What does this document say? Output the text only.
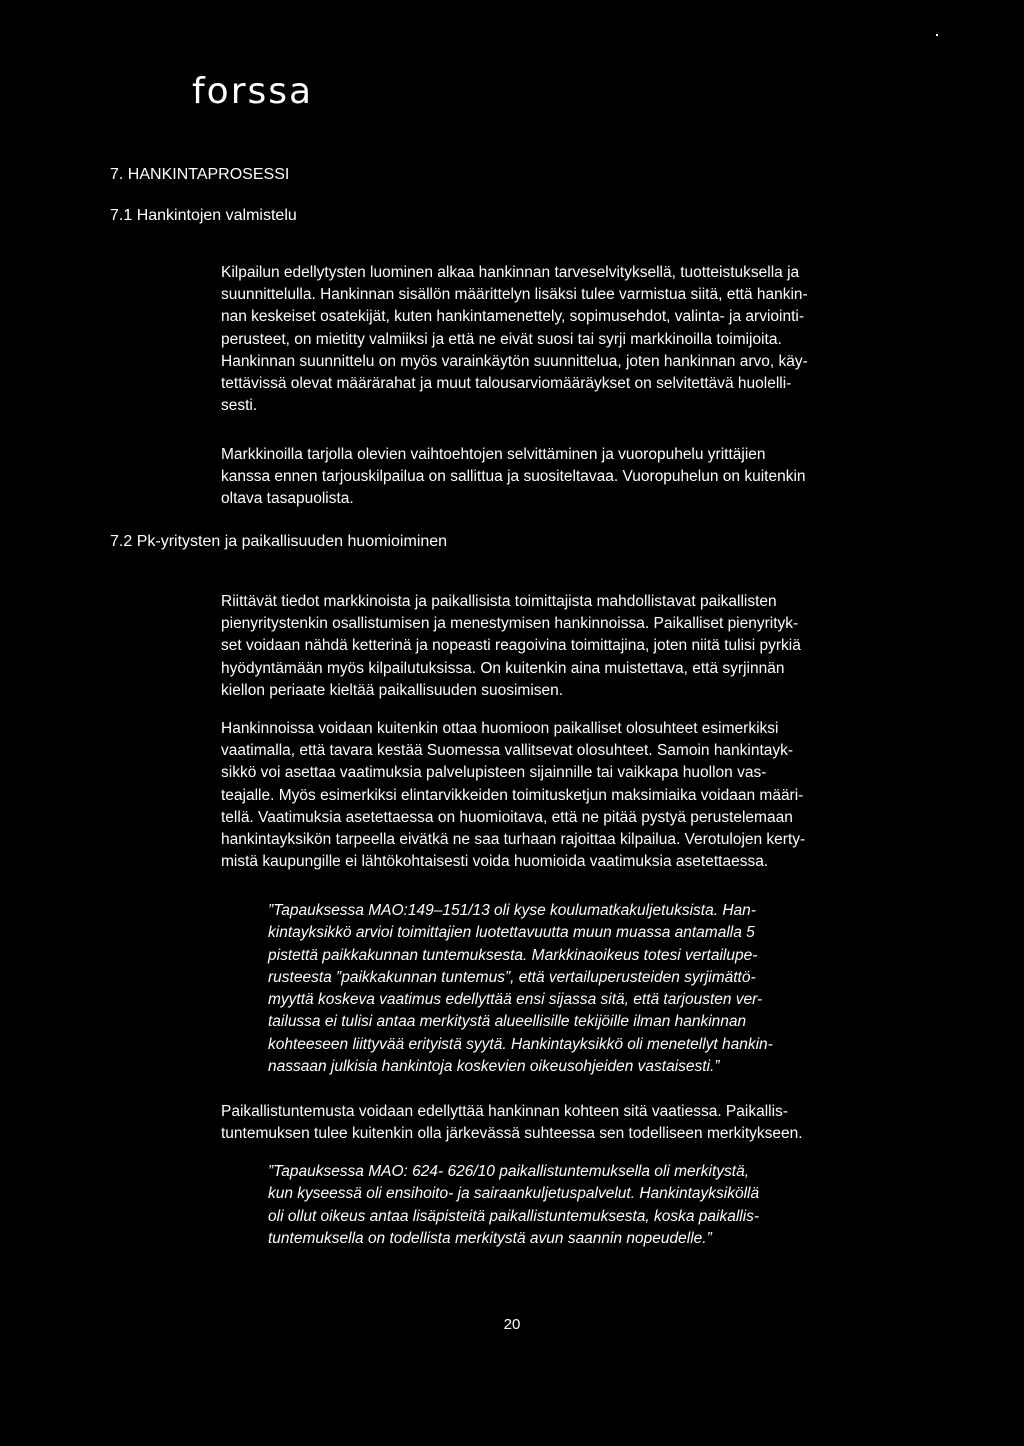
forssa
7. HANKINTAPROSESSI
7.1 Hankintojen valmistelu
Kilpailun edellytysten luominen alkaa hankinnan tarveselvityksellä, tuotteistuksella ja
suunnittelulla. Hankinnan sisällön määrittelyn lisäksi tulee varmistua siitä, että hankin-
nan keskeiset osatekijät, kuten hankintamenettely, sopimusehdot, valinta- ja arviointi-
perusteet, on mietitty valmiiksi ja että ne eivät suosi tai syrji markkinoilla toimijoita.
Hankinnan suunnittelu on myös varainkäytön suunnittelua, joten hankinnan arvo, käy-
tettävissä olevat määrärahat ja muut talousarviomääräykset on selvitettävä huolelli-
sesti.
Markkinoilla tarjolla olevien vaihtoehtojen selvittäminen ja vuoropuhelu yrittäjien
kanssa ennen tarjouskilpailua on sallittua ja suositeltavaa. Vuoropuhelun on kuitenkin
oltava tasapuolista.
7.2 Pk-yritysten ja paikallisuuden huomioiminen
Riittävät tiedot markkinoista ja paikallisista toimittajista mahdollistavat paikallisten
pienyritystenkin osallistumisen ja menestymisen hankinnoissa. Paikalliset pienyrityk-
set voidaan nähdä ketterinä ja nopeasti reagoivina toimittajina, joten niitä tulisi pyrkiä
hyödyntämään myös kilpailutuksissa. On kuitenkin aina muistettava, että syrjinnän
kiellon periaate kieltää paikallisuuden suosimisen.
Hankinnoissa voidaan kuitenkin ottaa huomioon paikalliset olosuhteet esimerkiksi
vaatimalla, että tavara kestää Suomessa vallitsevat olosuhteet. Samoin hankintayk-
sikkö voi asettaa vaatimuksia palvelupisteen sijainnille tai vaikkapa huollon vas-
teajalle. Myös esimerkiksi elintarvikkeiden toimitusketjun maksimiaika voidaan määri-
tellä. Vaatimuksia asetettaessa on huomioitava, että ne pitää pystyä perustelemaan
hankintayksikön tarpeella eivätkä ne saa turhaan rajoittaa kilpailua. Verotulojen kerty-
mistä kaupungille ei lähtökohtaisesti voida huomioida vaatimuksia asetettaessa.
”Tapauksessa MAO:149–151/13 oli kyse koulumatkakuljetuksista. Han-
kintayksikkö arvioi toimittajien luotettavuutta muun muassa antamalla 5
pistettä paikkakunnan tuntemuksesta. Markkinaoikeus totesi vertailupe-
rusteesta ”paikkakunnan tuntemus”, että vertailuperusteiden syrjimättö-
myyttä koskeva vaatimus edellyttää ensi sijassa sitä, että tarjousten ver-
tailussa ei tulisi antaa merkitystä alueellisille tekijöille ilman hankinnan
kohteeseen liittyvää erityistä syytä. Hankintayksikkö oli menetellyt hankin-
nassaan julkisia hankintoja koskevien oikeusohjeiden vastaisesti.”
Paikallistuntemusta voidaan edellyttää hankinnan kohteen sitä vaatiessa. Paikallis-
tuntemuksen tulee kuitenkin olla järkevässä suhteessa sen todelliseen merkitykseen.
”Tapauksessa MAO: 624- 626/10 paikallistuntemuksella oli merkitystä,
kun kyseessä oli ensihoito- ja sairaankuljetuspalvelut. Hankintayksiköllä
oli ollut oikeus antaa lisäpisteitä paikallistuntemuksesta, koska paikallis-
tuntemuksella on todellista merkitystä avun saannin nopeudelle.”
20
